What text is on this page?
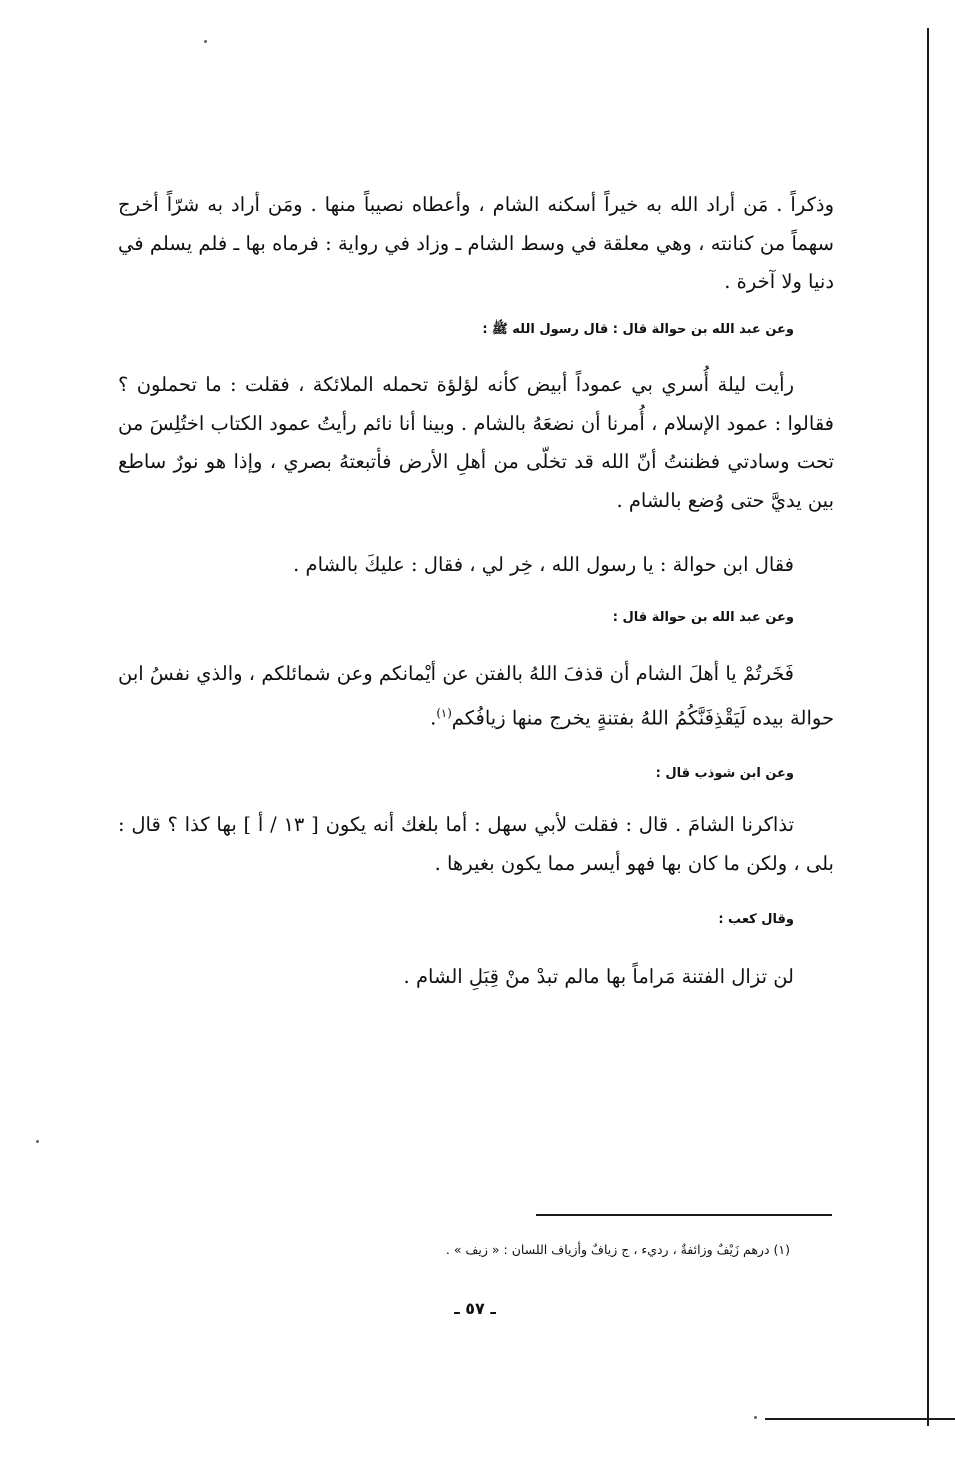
وذكراً . مَن أراد الله به خيراً أسكنه الشام ، وأعطاه نصيباً منها . ومَن أراد به شرّاً أخرج سهماً من كنانته ، وهي معلقة في وسط الشام ـ وزاد في رواية : فرماه بها ـ فلم يسلم في دنيا ولا آخرة .

وعن عبد الله بن حوالة قال : قال رسول الله ﷺ :

رأيت ليلة أُسري بي عموداً أبيض كأنه لؤلؤة تحمله الملائكة ، فقلت : ما تحملون ؟ فقالوا : عمود الإسلام ، أُمرنا أن نضعَهُ بالشام . وبينا أنا نائم رأيتُ عمود الكتاب اختُلِسَ من تحت وسادتي فظننتُ أنّ الله قد تخلّى من أهلِ الأرض فأتبعتهُ بصري ، وإذا هو نورٌ ساطع بين يديَّ حتى وُضع بالشام .

فقال ابن حوالة : يا رسول الله ، خِر لي ، فقال : عليكَ بالشام .

وعن عبد الله بن حوالة قال :

فَخَرتُمْ يا أهلَ الشام أن قذفَ اللهُ بالفتن عن أيْمانكم وعن شمائلكم ، والذي نفسُ ابن حوالة بيده لَيَقْذِفَنَّكُمُ اللهُ بفتنةٍ يخرج منها زيافُكم$^{(١)}$.

وعن ابن شوذب قال :

تذاكرنا الشامَ . قال : فقلت لأبي سهل : أما بلغك أنه يكون [ ١٣ / أ ] بها كذا ؟ قال : بلى ، ولكن ما كان بها فهو أيسر مما يكون بغيرها .

وقال كعب :

لن تزال الفتنة مَراماً بها مالم تبدْ منْ قِبَلِ الشام .

(١) درهم زَيْفٌ وزائفةٌ ، رديء ، ج زيافٌ وأزياف اللسان : « زيف » .
ـ ٥٧ ـ
